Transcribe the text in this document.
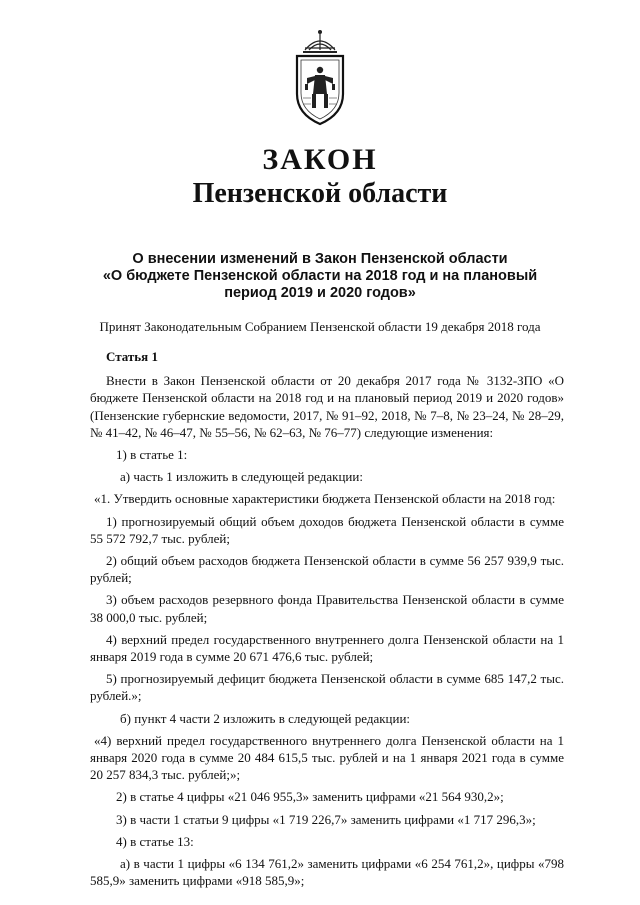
ЗАКОН
Пензенской области
О внесении изменений в Закон Пензенской области
«О бюджете Пензенской области на 2018 год и на плановый
период 2019 и 2020 годов»
Принят Законодательным Собранием Пензенской области 19 декабря 2018 года
Статья 1

Внести в Закон Пензенской области от 20 декабря 2017 года № 3132-ЗПО «О бюджете Пензенской области на 2018 год и на плановый период 2019 и 2020 годов» (Пензенские губернские ведомости, 2017, № 91–92, 2018, № 7–8, № 23–24, № 28–29, № 41–42, № 46–47, № 55–56, № 62–63, № 76–77) следующие изменения:

1) в статье 1:

а) часть 1 изложить в следующей редакции:

«1. Утвердить основные характеристики бюджета Пензенской области на 2018 год:

1) прогнозируемый общий объем доходов бюджета Пензенской области в сумме 55 572 792,7 тыс. рублей;

2) общий объем расходов бюджета Пензенской области в сумме 56 257 939,9 тыс. рублей;

3) объем расходов резервного фонда Правительства Пензенской области в сумме 38 000,0 тыс. рублей;

4) верхний предел государственного внутреннего долга Пензенской области на 1 января 2019 года в сумме 20 671 476,6 тыс. рублей;

5) прогнозируемый дефицит бюджета Пензенской области в сумме 685 147,2 тыс. рублей.»;

б) пункт 4 части 2 изложить в следующей редакции:

«4) верхний предел государственного внутреннего долга Пензенской области на 1 января 2020 года в сумме 20 484 615,5 тыс. рублей и на 1 января 2021 года в сумме 20 257 834,3 тыс. рублей;»;

2) в статье 4 цифры «21 046 955,3» заменить цифрами «21 564 930,2»;

3) в части 1 статьи 9 цифры «1 719 226,7» заменить цифрами «1 717 296,3»;

4) в статье 13:

а) в части 1 цифры «6 134 761,2» заменить цифрами «6 254 761,2», цифры «798 585,9» заменить цифрами «918 585,9»;
